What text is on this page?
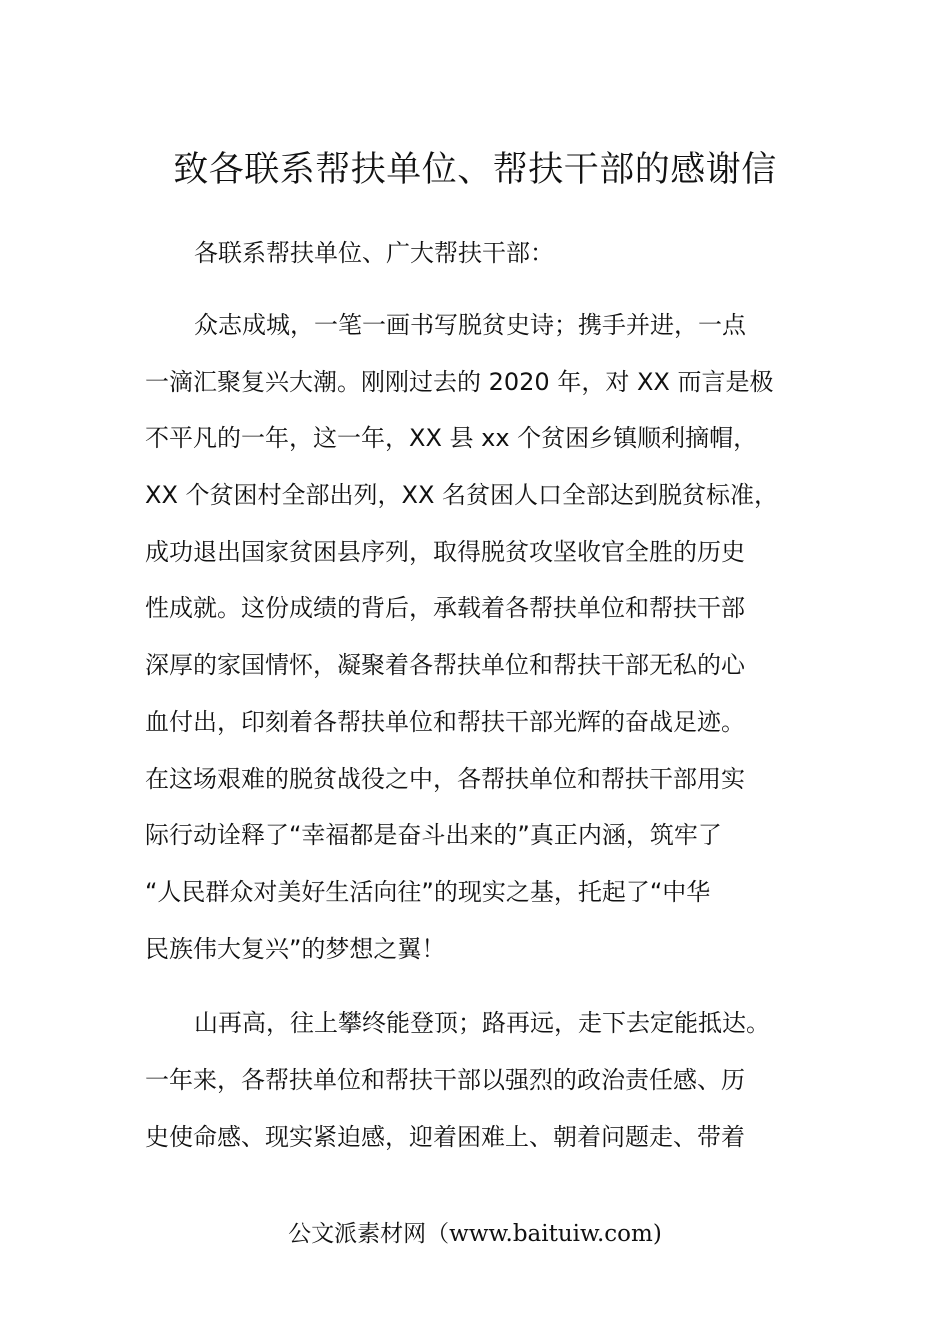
致各联系帮扶单位、帮扶干部的感谢信
各联系帮扶单位、广大帮扶干部：
众志成城，一笔一画书写脱贫史诗；携手并进，一点
一滴汇聚复兴大潮。刚刚过去的 2020 年，对 XX 而言是极
不平凡的一年，这一年，XX 县 xx 个贫困乡镇顺利摘帽，
XX 个贫困村全部出列，XX 名贫困人口全部达到脱贫标准，
成功退出国家贫困县序列，取得脱贫攻坚收官全胜的历史
性成就。这份成绩的背后，承载着各帮扶单位和帮扶干部
深厚的家国情怀，凝聚着各帮扶单位和帮扶干部无私的心
血付出，印刻着各帮扶单位和帮扶干部光辉的奋战足迹。
在这场艰难的脱贫战役之中，各帮扶单位和帮扶干部用实
际行动诠释了“幸福都是奋斗出来的”真正内涵，筑牢了
“人民群众对美好生活向往”的现实之基，托起了“中华
民族伟大复兴”的梦想之翼！
山再高，往上攀终能登顶；路再远，走下去定能抵达。
一年来，各帮扶单位和帮扶干部以强烈的政治责任感、历
史使命感、现实紧迫感，迎着困难上、朝着问题走、带着
公文派素材网（www.baituiw.com)
